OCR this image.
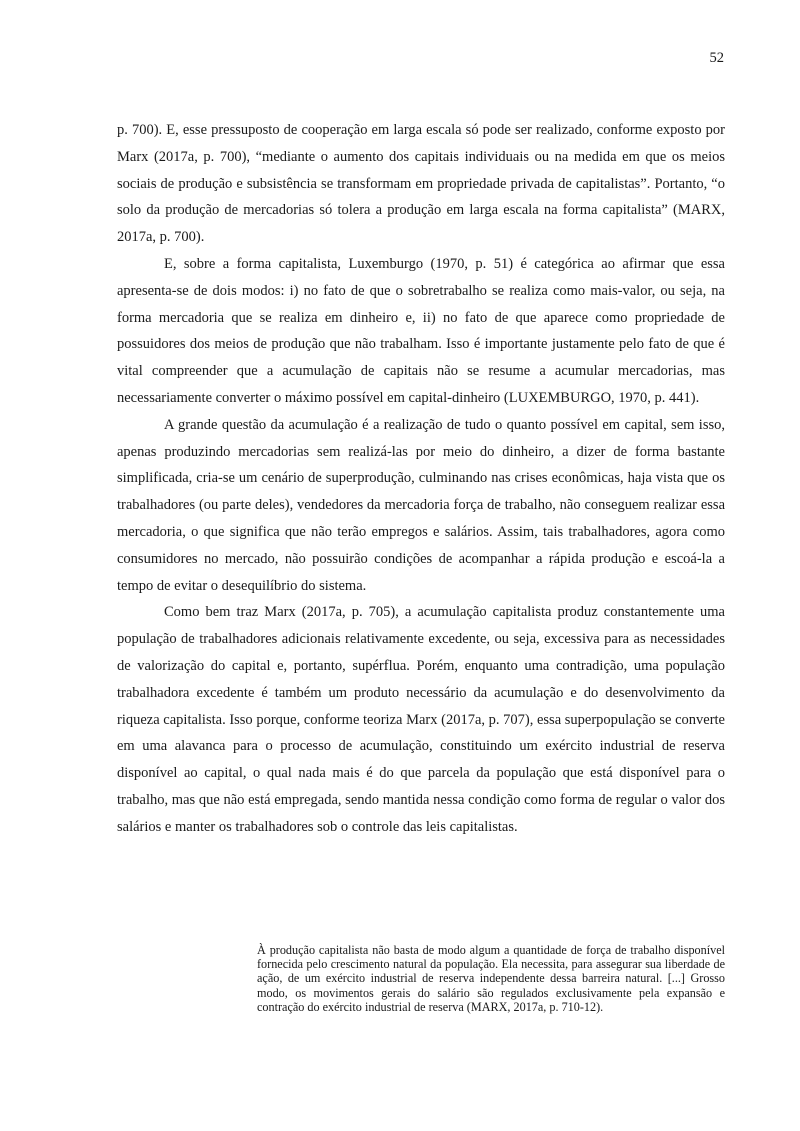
52

p. 700). E, esse pressuposto de cooperação em larga escala só pode ser realizado, conforme exposto por Marx (2017a, p. 700), “mediante o aumento dos capitais individuais ou na medida em que os meios sociais de produção e subsistência se transformam em propriedade privada de capitalistas”. Portanto, “o solo da produção de mercadorias só tolera a produção em larga escala na forma capitalista” (MARX, 2017a, p. 700).

E, sobre a forma capitalista, Luxemburgo (1970, p. 51) é categórica ao afirmar que essa apresenta-se de dois modos: i) no fato de que o sobretrabalho se realiza como mais-valor, ou seja, na forma mercadoria que se realiza em dinheiro e, ii) no fato de que aparece como propriedade de possuidores dos meios de produção que não trabalham. Isso é importante justamente pelo fato de que é vital compreender que a acumulação de capitais não se resume a acumular mercadorias, mas necessariamente converter o máximo possível em capital-dinheiro (LUXEMBURGO, 1970, p. 441).

A grande questão da acumulação é a realização de tudo o quanto possível em capital, sem isso, apenas produzindo mercadorias sem realizá-las por meio do dinheiro, a dizer de forma bastante simplificada, cria-se um cenário de superprodução, culminando nas crises econômicas, haja vista que os trabalhadores (ou parte deles), vendedores da mercadoria força de trabalho, não conseguem realizar essa mercadoria, o que significa que não terão empregos e salários. Assim, tais trabalhadores, agora como consumidores no mercado, não possuirão condições de acompanhar a rápida produção e escoá-la a tempo de evitar o desequilíbrio do sistema.

Como bem traz Marx (2017a, p. 705), a acumulação capitalista produz constantemente uma população de trabalhadores adicionais relativamente excedente, ou seja, excessiva para as necessidades de valorização do capital e, portanto, supérflua. Porém, enquanto uma contradição, uma população trabalhadora excedente é também um produto necessário da acumulação e do desenvolvimento da riqueza capitalista. Isso porque, conforme teoriza Marx (2017a, p. 707), essa superpopulação se converte em uma alavanca para o processo de acumulação, constituindo um exército industrial de reserva disponível ao capital, o qual nada mais é do que parcela da população que está disponível para o trabalho, mas que não está empregada, sendo mantida nessa condição como forma de regular o valor dos salários e manter os trabalhadores sob o controle das leis capitalistas.

À produção capitalista não basta de modo algum a quantidade de força de trabalho disponível fornecida pelo crescimento natural da população. Ela necessita, para assegurar sua liberdade de ação, de um exército industrial de reserva independente dessa barreira natural. [...] Grosso modo, os movimentos gerais do salário são regulados exclusivamente pela expansão e contração do exército industrial de reserva (MARX, 2017a, p. 710-12).
